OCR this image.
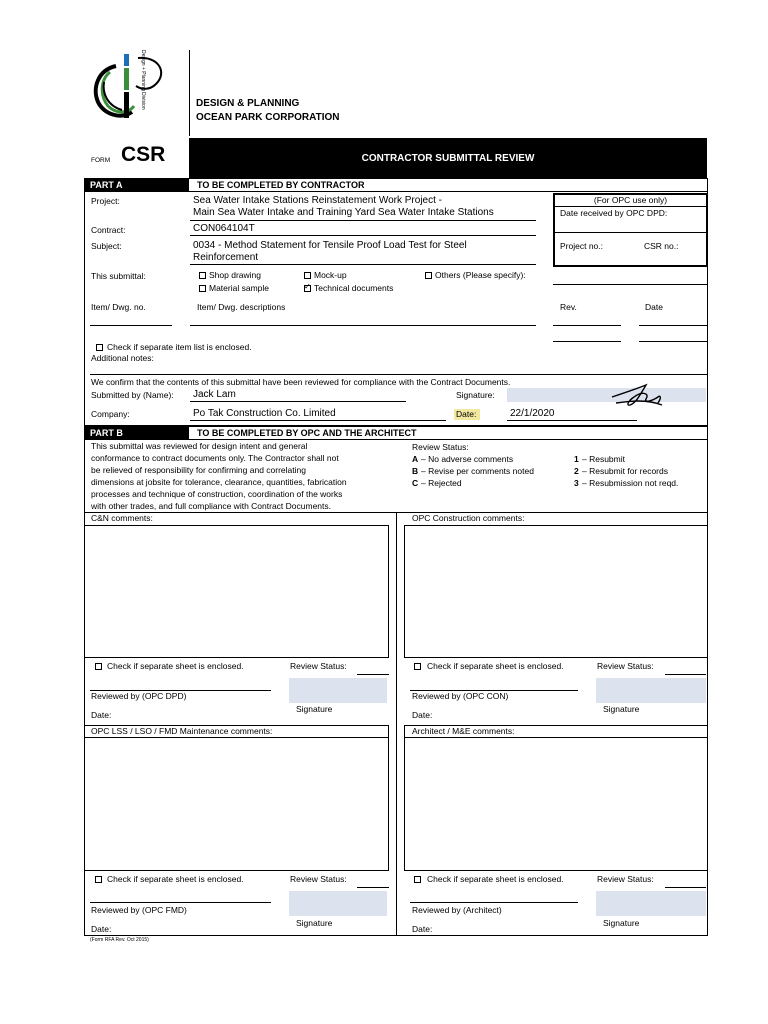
Design + Planning Division	DESIGN & PLANNING
OCEAN PARK CORPORATION
FORM CSR	CONTRACTOR SUBMITTAL REVIEW
PART A	TO BE COMPLETED BY CONTRACTOR
Project:	Sea Water Intake Stations Reinstatement Work Project -
Main Sea Water Intake and Training Yard Sea Water Intake Stations
Contract:	CON064104T
Subject:	0034 - Method Statement for Tensile Proof Load Test for Steel
Reinforcement
(For OPC use only)
Date received by OPC DPD:
Project no.:	CSR no.:
This submittal:	Shop drawing	Mock-up	Others (Please specify):
Material sample
✓	Technical documents
Item/ Dwg. no.	Item/ Dwg. descriptions	Rev.	Date
Check if separate item list is enclosed.
Additional notes:
We confirm that the contents of this submittal have been reviewed for compliance with the Contract Documents.
Submitted by (Name): Jack Lam	Signature:
Company:	Po Tak Construction Co. Limited	Date:	22/1/2020
PART B	TO BE COMPLETED BY OPC AND THE ARCHITECT
This submittal was reviewed for design intent and general
conformance to contract documents only. The Contractor shall not
be relieved of responsibility for confirming and correlating
dimensions at jobsite for tolerance, clearance, quantities, fabrication
processes and technique of construction, coordination of the works
with other trades, and full compliance with Contract Documents.
Review Status:
A – No adverse comments
B – Revise per comments noted
C – Rejected
1 – Resubmit
2 – Resubmit for records
3 – Resubmission not reqd.
C&N comments:
Check if separate sheet is enclosed.	Review Status:
Reviewed by (OPC DPD)
Signature
Date:
OPC Construction comments:
Check if separate sheet is enclosed.	Review Status:
Reviewed by (OPC CON)
Signature
Date:
OPC LSS / LSO / FMD Maintenance comments:
Check if separate sheet is enclosed.	Review Status:
Reviewed by (OPC FMD)
Signature
Date:
Architect / M&E comments:
Check if separate sheet is enclosed.	Review Status:
Reviewed by (Architect)
Signature
Date:
(Form RFA Rev. Oct 2015)
